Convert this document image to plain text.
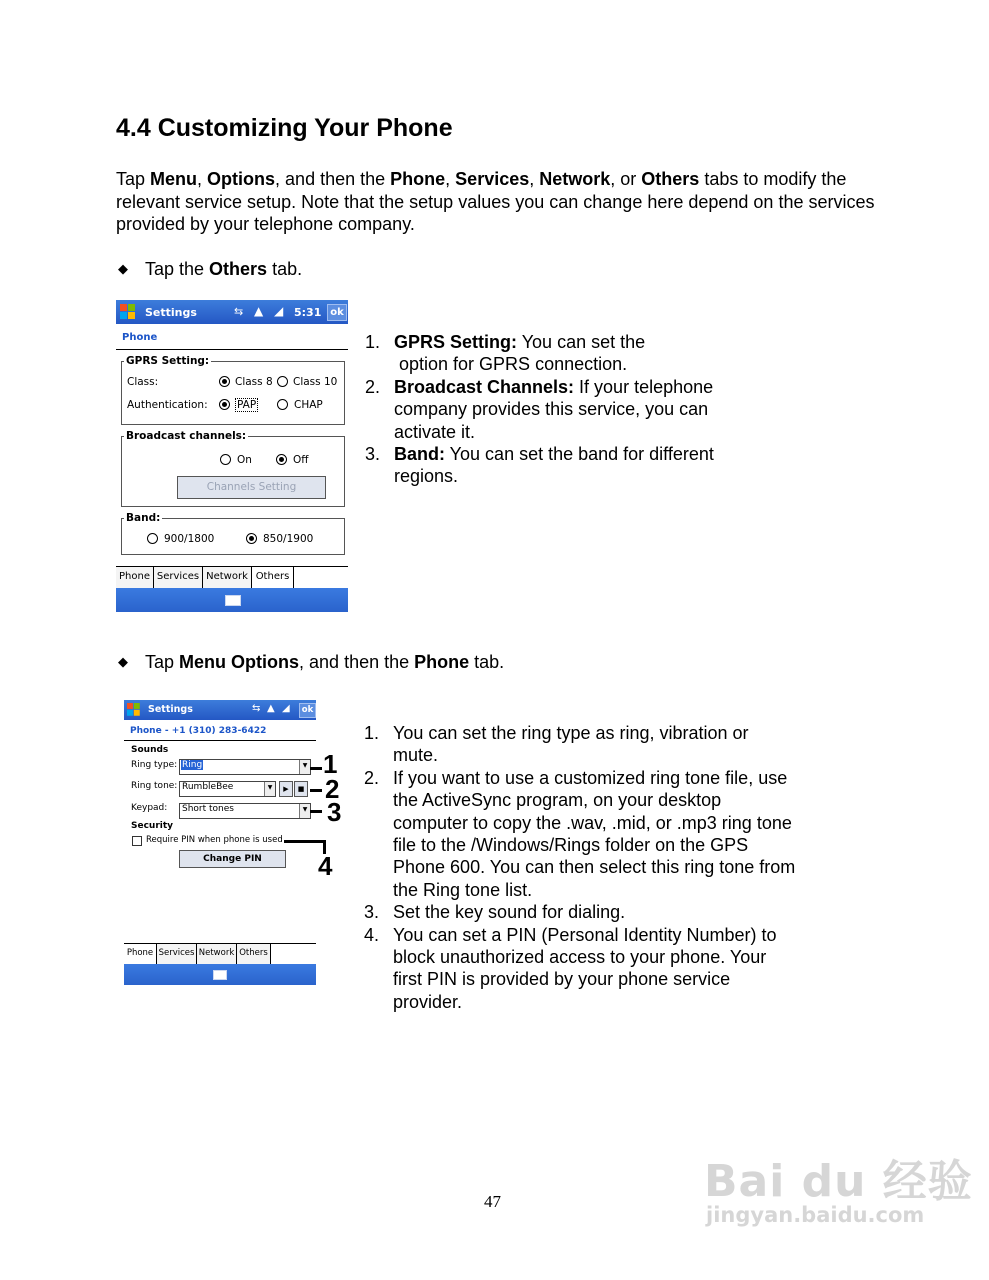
4.4 Customizing Your Phone
Tap Menu, Options, and then the Phone, Services, Network, or Others tabs to modify the relevant service setup. Note that the setup values you can change here depend on the services provided by your telephone company.
◆ Tap the Others tab.
Settings	⇆ ▲ ◢ 5:31 ok
Phone
GPRS Setting:
Class:	Class 8 Class 10
Authentication:	PAP	CHAP
Broadcast channels:
On	Off
Channels Setting
Band:
900/1800	850/1900
Phone Services Network Others
1. GPRS Setting: You can set the
option for GPRS connection.
2. Broadcast Channels: If your telephone company provides this service, you can activate it.
3. Band: You can set the band for different regions.
◆ Tap Menu Options, and then the Phone tab.
Settings	⇆ ▲ ◢	ok
Phone - +1 (310) 283-6422
Sounds
Ring type: Ring	▼
Ring tone: RumbleBee	▼	▶	■
Keypad:	Short tones	▼
Security
Require PIN when phone is used
Change PIN
Phone Services Network Others
1
2
3
4
1. You can set the ring type as ring, vibration or mute.
2. If you want to use a customized ring tone file, use the ActiveSync program, on your desktop computer to copy the .wav, .mid, or .mp3 ring tone file to the /Windows/Rings folder on the GPS Phone 600. You can then select this ring tone from the Ring tone list.
3. Set the key sound for dialing.
4. You can set a PIN (Personal Identity Number) to block unauthorized access to your phone. Your first PIN is provided by your phone service provider.
47	Bai du 经验
jingyan.baidu.com
